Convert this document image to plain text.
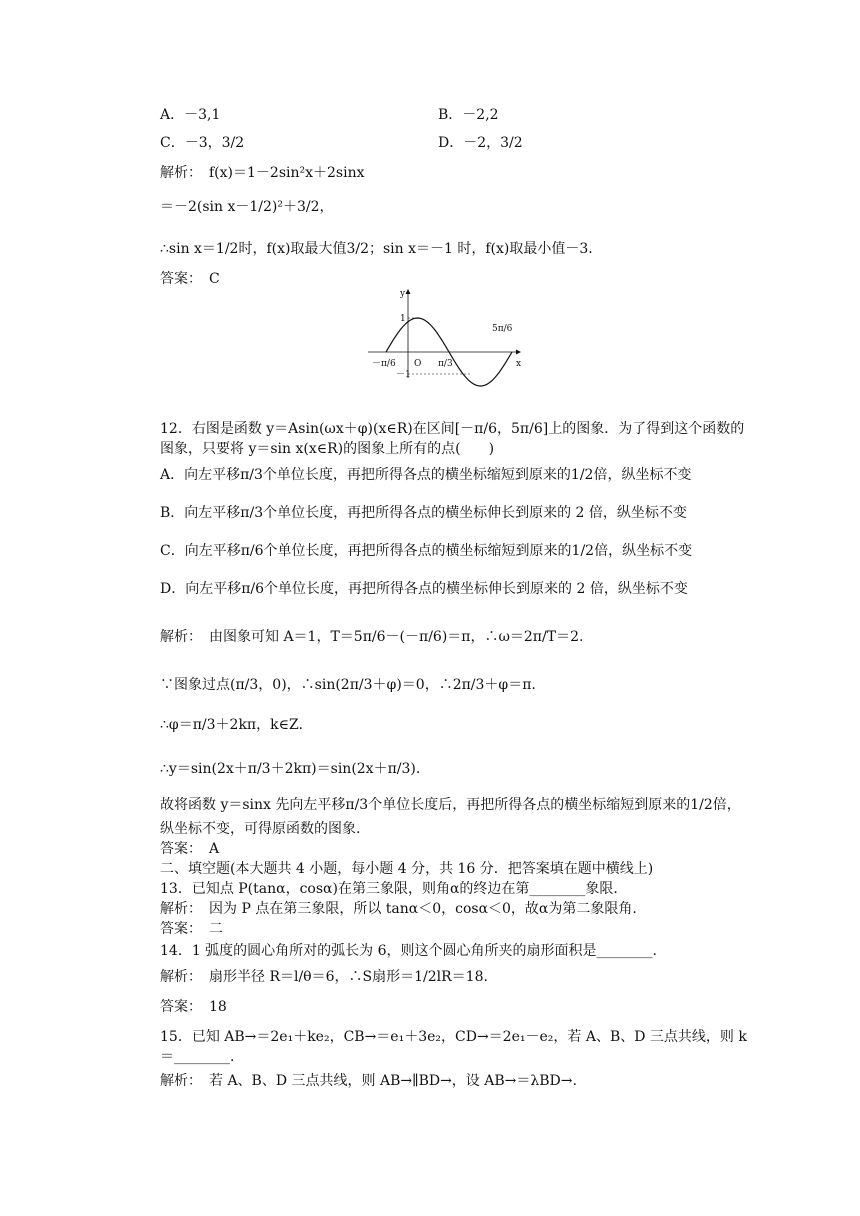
A．－3,1	B．－2,2
C．－3，3/2	D．－2，3/2
解析：　f(x)＝1－2sin²x＋2sinx
＝－2(sin x－1/2)²＋3/2，
∴sin x＝1/2时，f(x)取最大值3/2；sin x＝－1 时，f(x)取最小值－3.
答案：　C
y
x
O
1
－1
－π/6	π/3
5π/6
12．右图是函数 y＝Asin(ωx＋φ)(x∈R)在区间[－π/6，5π/6]上的图象．为了得到这个函数的
图象，只要将 y＝sin x(x∈R)的图象上所有的点(　　)
A．向左平移π/3个单位长度，再把所得各点的横坐标缩短到原来的1/2倍，纵坐标不变
B．向左平移π/3个单位长度，再把所得各点的横坐标伸长到原来的 2 倍，纵坐标不变
C．向左平移π/6个单位长度，再把所得各点的横坐标缩短到原来的1/2倍，纵坐标不变
D．向左平移π/6个单位长度，再把所得各点的横坐标伸长到原来的 2 倍，纵坐标不变
解析：　由图象可知 A＝1，T＝5π/6－(－π/6)＝π，∴ω＝2π/T＝2.
∵图象过点(π/3，0)，∴sin(2π/3＋φ)＝0，∴2π/3＋φ＝π.
∴φ＝π/3＋2kπ，k∈Z.
∴y＝sin(2x＋π/3＋2kπ)＝sin(2x＋π/3).
故将函数 y＝sinx 先向左平移π/3个单位长度后，再把所得各点的横坐标缩短到原来的1/2倍，
纵坐标不变，可得原函数的图象.
答案：　A
二、填空题(本大题共 4 小题，每小题 4 分，共 16 分．把答案填在题中横线上)
13．已知点 P(tanα，cosα)在第三象限，则角α的终边在第________象限.
解析：　因为 P 点在第三象限，所以 tanα＜0，cosα＜0，故α为第二象限角.
答案：　二
14．1 弧度的圆心角所对的弧长为 6，则这个圆心角所夹的扇形面积是________.
解析：　扇形半径 R＝l/θ＝6，∴S扇形＝1/2lR＝18.
答案：　18
15．已知 AB→＝2e₁＋ke₂，CB→＝e₁＋3e₂，CD→＝2e₁－e₂，若 A、B、D 三点共线，则 k
＝________.
解析：　若 A、B、D 三点共线，则 AB→∥BD→，设 AB→＝λBD→.
